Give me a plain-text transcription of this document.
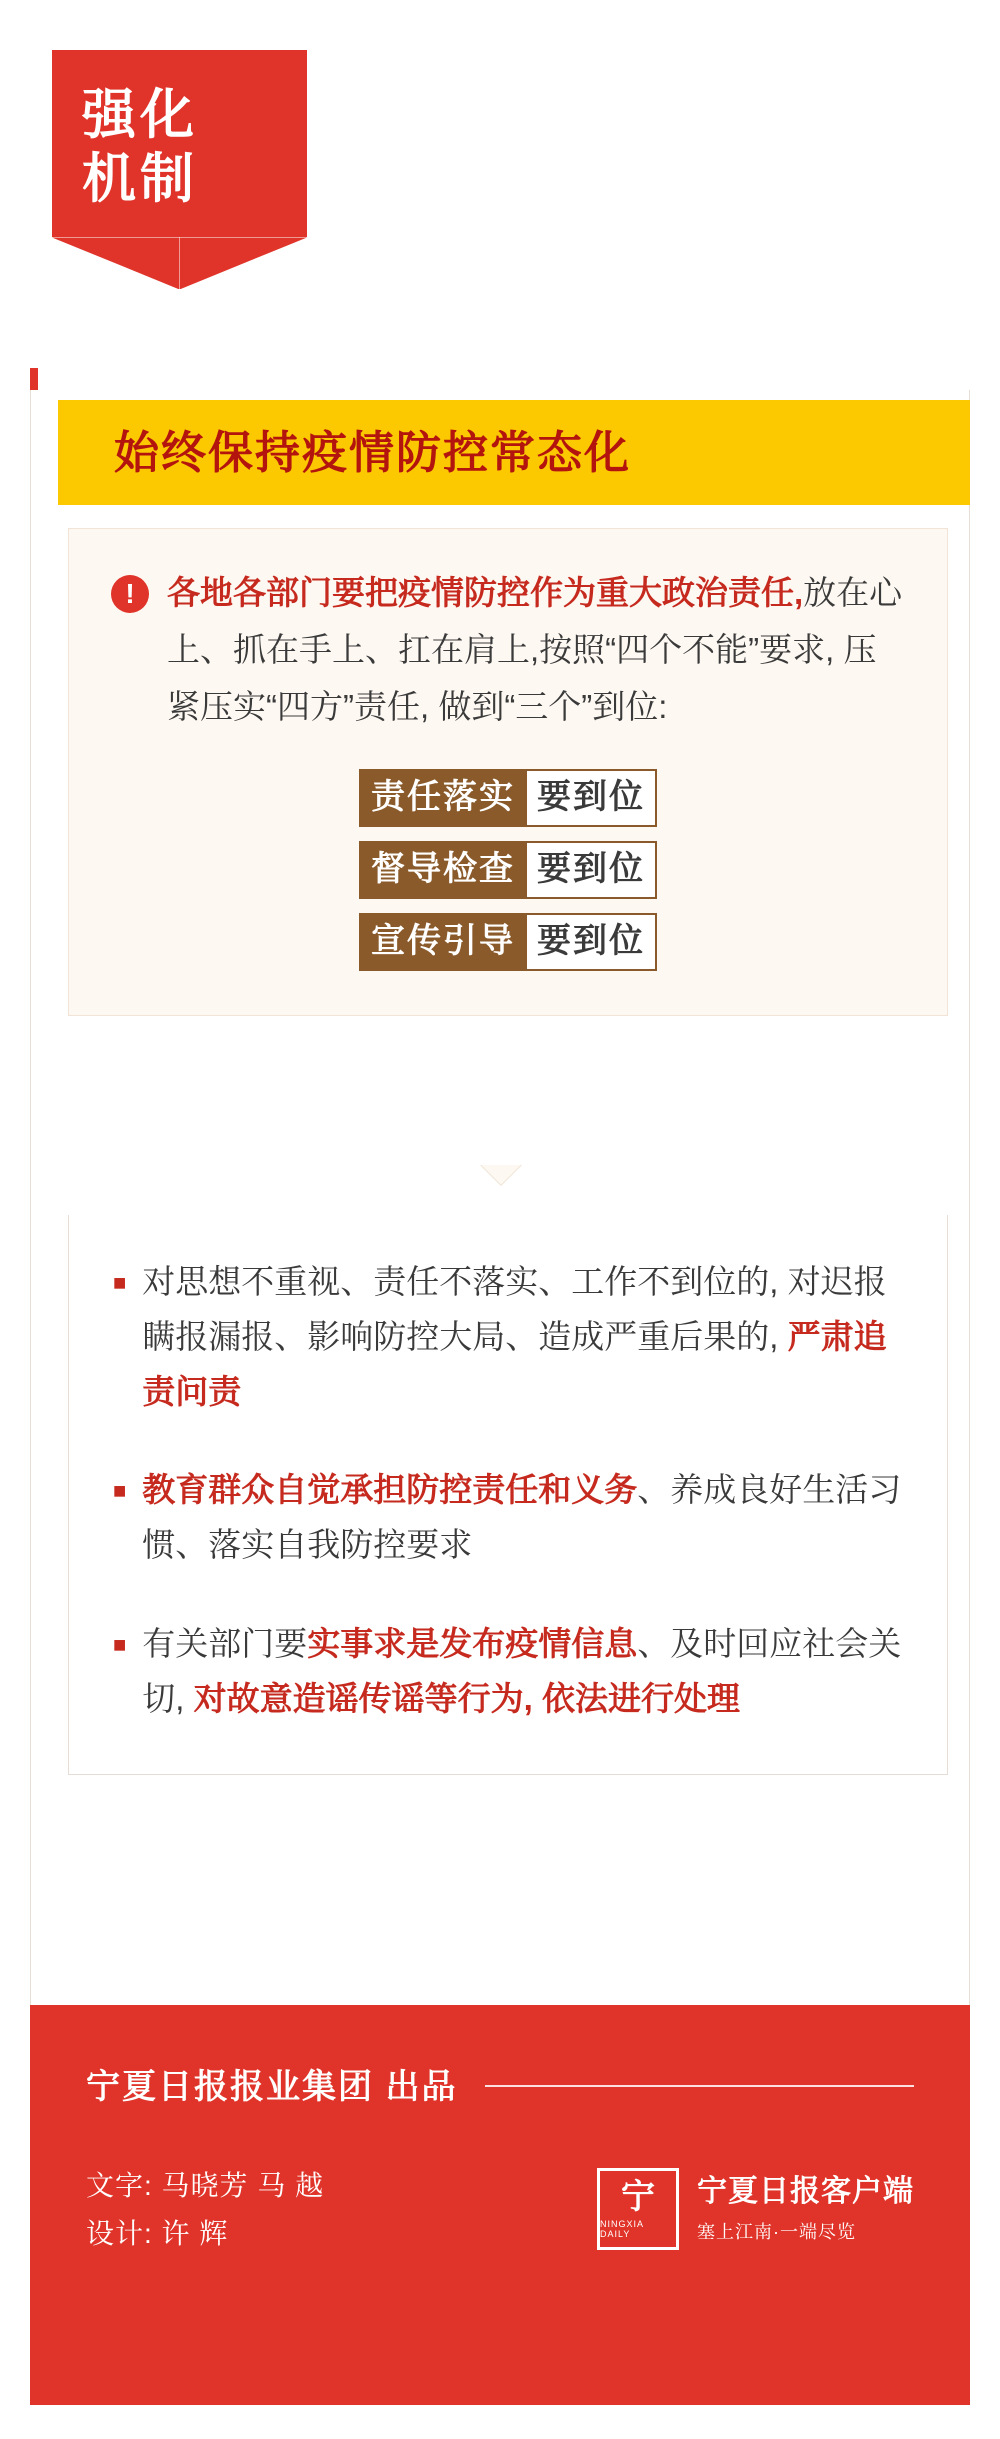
强化
机制
始终保持疫情防控常态化
! 各地各部门要把疫情防控作为重大政治责任,放在心上、抓在手上、扛在肩上,按照“四个不能”要求, 压紧压实“四方”责任, 做到“三个”到位:
责任落实 要到位
督导检查 要到位
宣传引导 要到位
■ 对思想不重视、责任不落实、工作不到位的, 对迟报瞒报漏报、影响防控大局、造成严重后果的, 严肃追责问责
■ 教育群众自觉承担防控责任和义务、养成良好生活习惯、落实自我防控要求
■ 有关部门要实事求是发布疫情信息、及时回应社会关切, 对故意造谣传谣等行为, 依法进行处理
宁夏日报报业集团 出品
文字: 马晓芳 马 越
设计: 许 辉
宁
NINGXIA DAILY
宁夏日报客户端
塞上江南·一端尽览
